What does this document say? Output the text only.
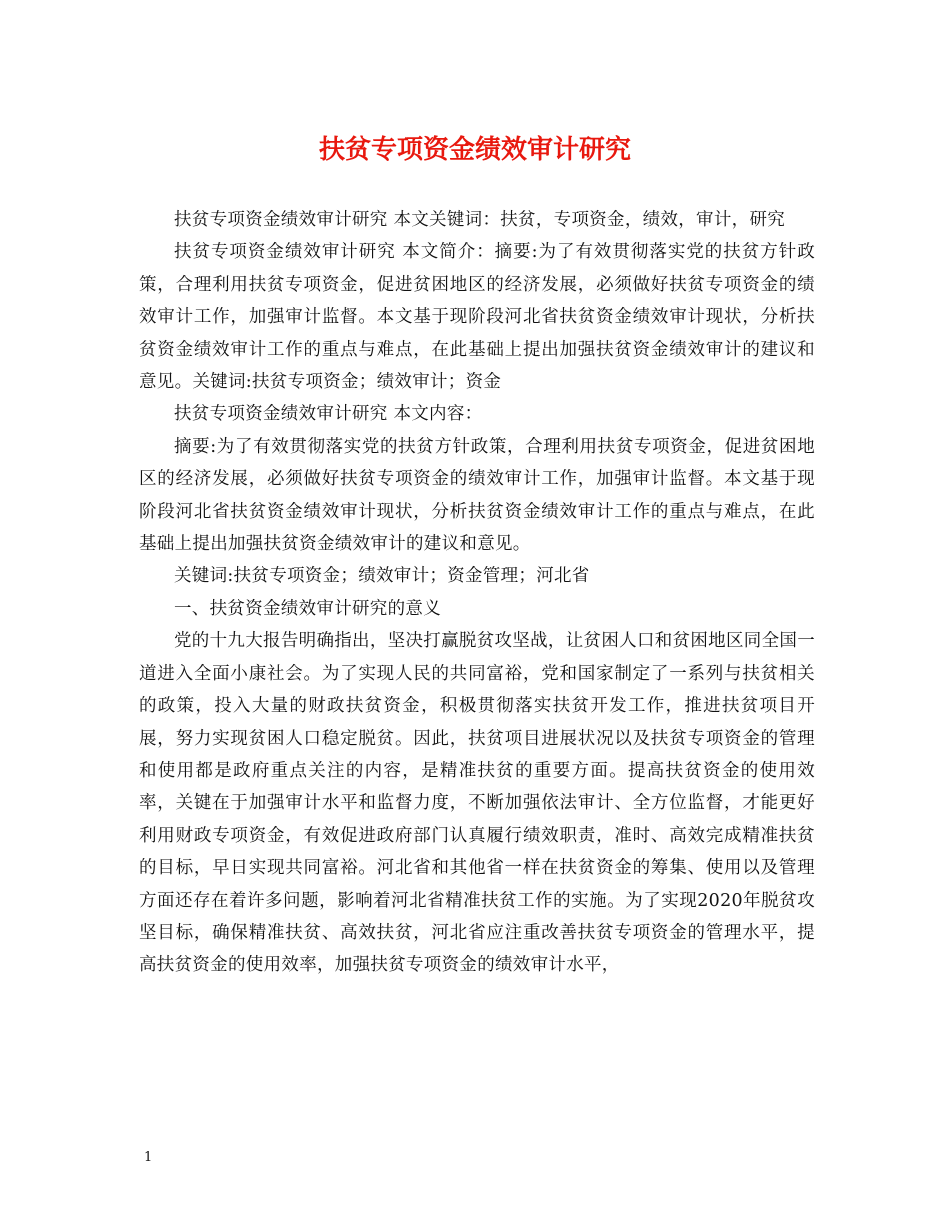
扶贫专项资金绩效审计研究

扶贫专项资金绩效审计研究 本文关键词：扶贫，专项资金，绩效，审计，研究

扶贫专项资金绩效审计研究 本文简介：摘要:为了有效贯彻落实党的扶贫方针政策，合理利用扶贫专项资金，促进贫困地区的经济发展，必须做好扶贫专项资金的绩效审计工作，加强审计监督。本文基于现阶段河北省扶贫资金绩效审计现状，分析扶贫资金绩效审计工作的重点与难点，在此基础上提出加强扶贫资金绩效审计的建议和意见。关键词:扶贫专项资金；绩效审计；资金

扶贫专项资金绩效审计研究 本文内容：

摘要:为了有效贯彻落实党的扶贫方针政策，合理利用扶贫专项资金，促进贫困地区的经济发展，必须做好扶贫专项资金的绩效审计工作，加强审计监督。本文基于现阶段河北省扶贫资金绩效审计现状，分析扶贫资金绩效审计工作的重点与难点，在此基础上提出加强扶贫资金绩效审计的建议和意见。

关键词:扶贫专项资金；绩效审计；资金管理；河北省

一、扶贫资金绩效审计研究的意义

党的十九大报告明确指出，坚决打赢脱贫攻坚战，让贫困人口和贫困地区同全国一道进入全面小康社会。为了实现人民的共同富裕，党和国家制定了一系列与扶贫相关的政策，投入大量的财政扶贫资金，积极贯彻落实扶贫开发工作，推进扶贫项目开展，努力实现贫困人口稳定脱贫。因此，扶贫项目进展状况以及扶贫专项资金的管理和使用都是政府重点关注的内容，是精准扶贫的重要方面。提高扶贫资金的使用效率，关键在于加强审计水平和监督力度，不断加强依法审计、全方位监督，才能更好利用财政专项资金，有效促进政府部门认真履行绩效职责，准时、高效完成精准扶贫的目标，早日实现共同富裕。河北省和其他省一样在扶贫资金的筹集、使用以及管理方面还存在着许多问题，影响着河北省精准扶贫工作的实施。为了实现2020年脱贫攻坚目标，确保精准扶贫、高效扶贫，河北省应注重改善扶贫专项资金的管理水平，提高扶贫资金的使用效率，加强扶贫专项资金的绩效审计水平，

1
